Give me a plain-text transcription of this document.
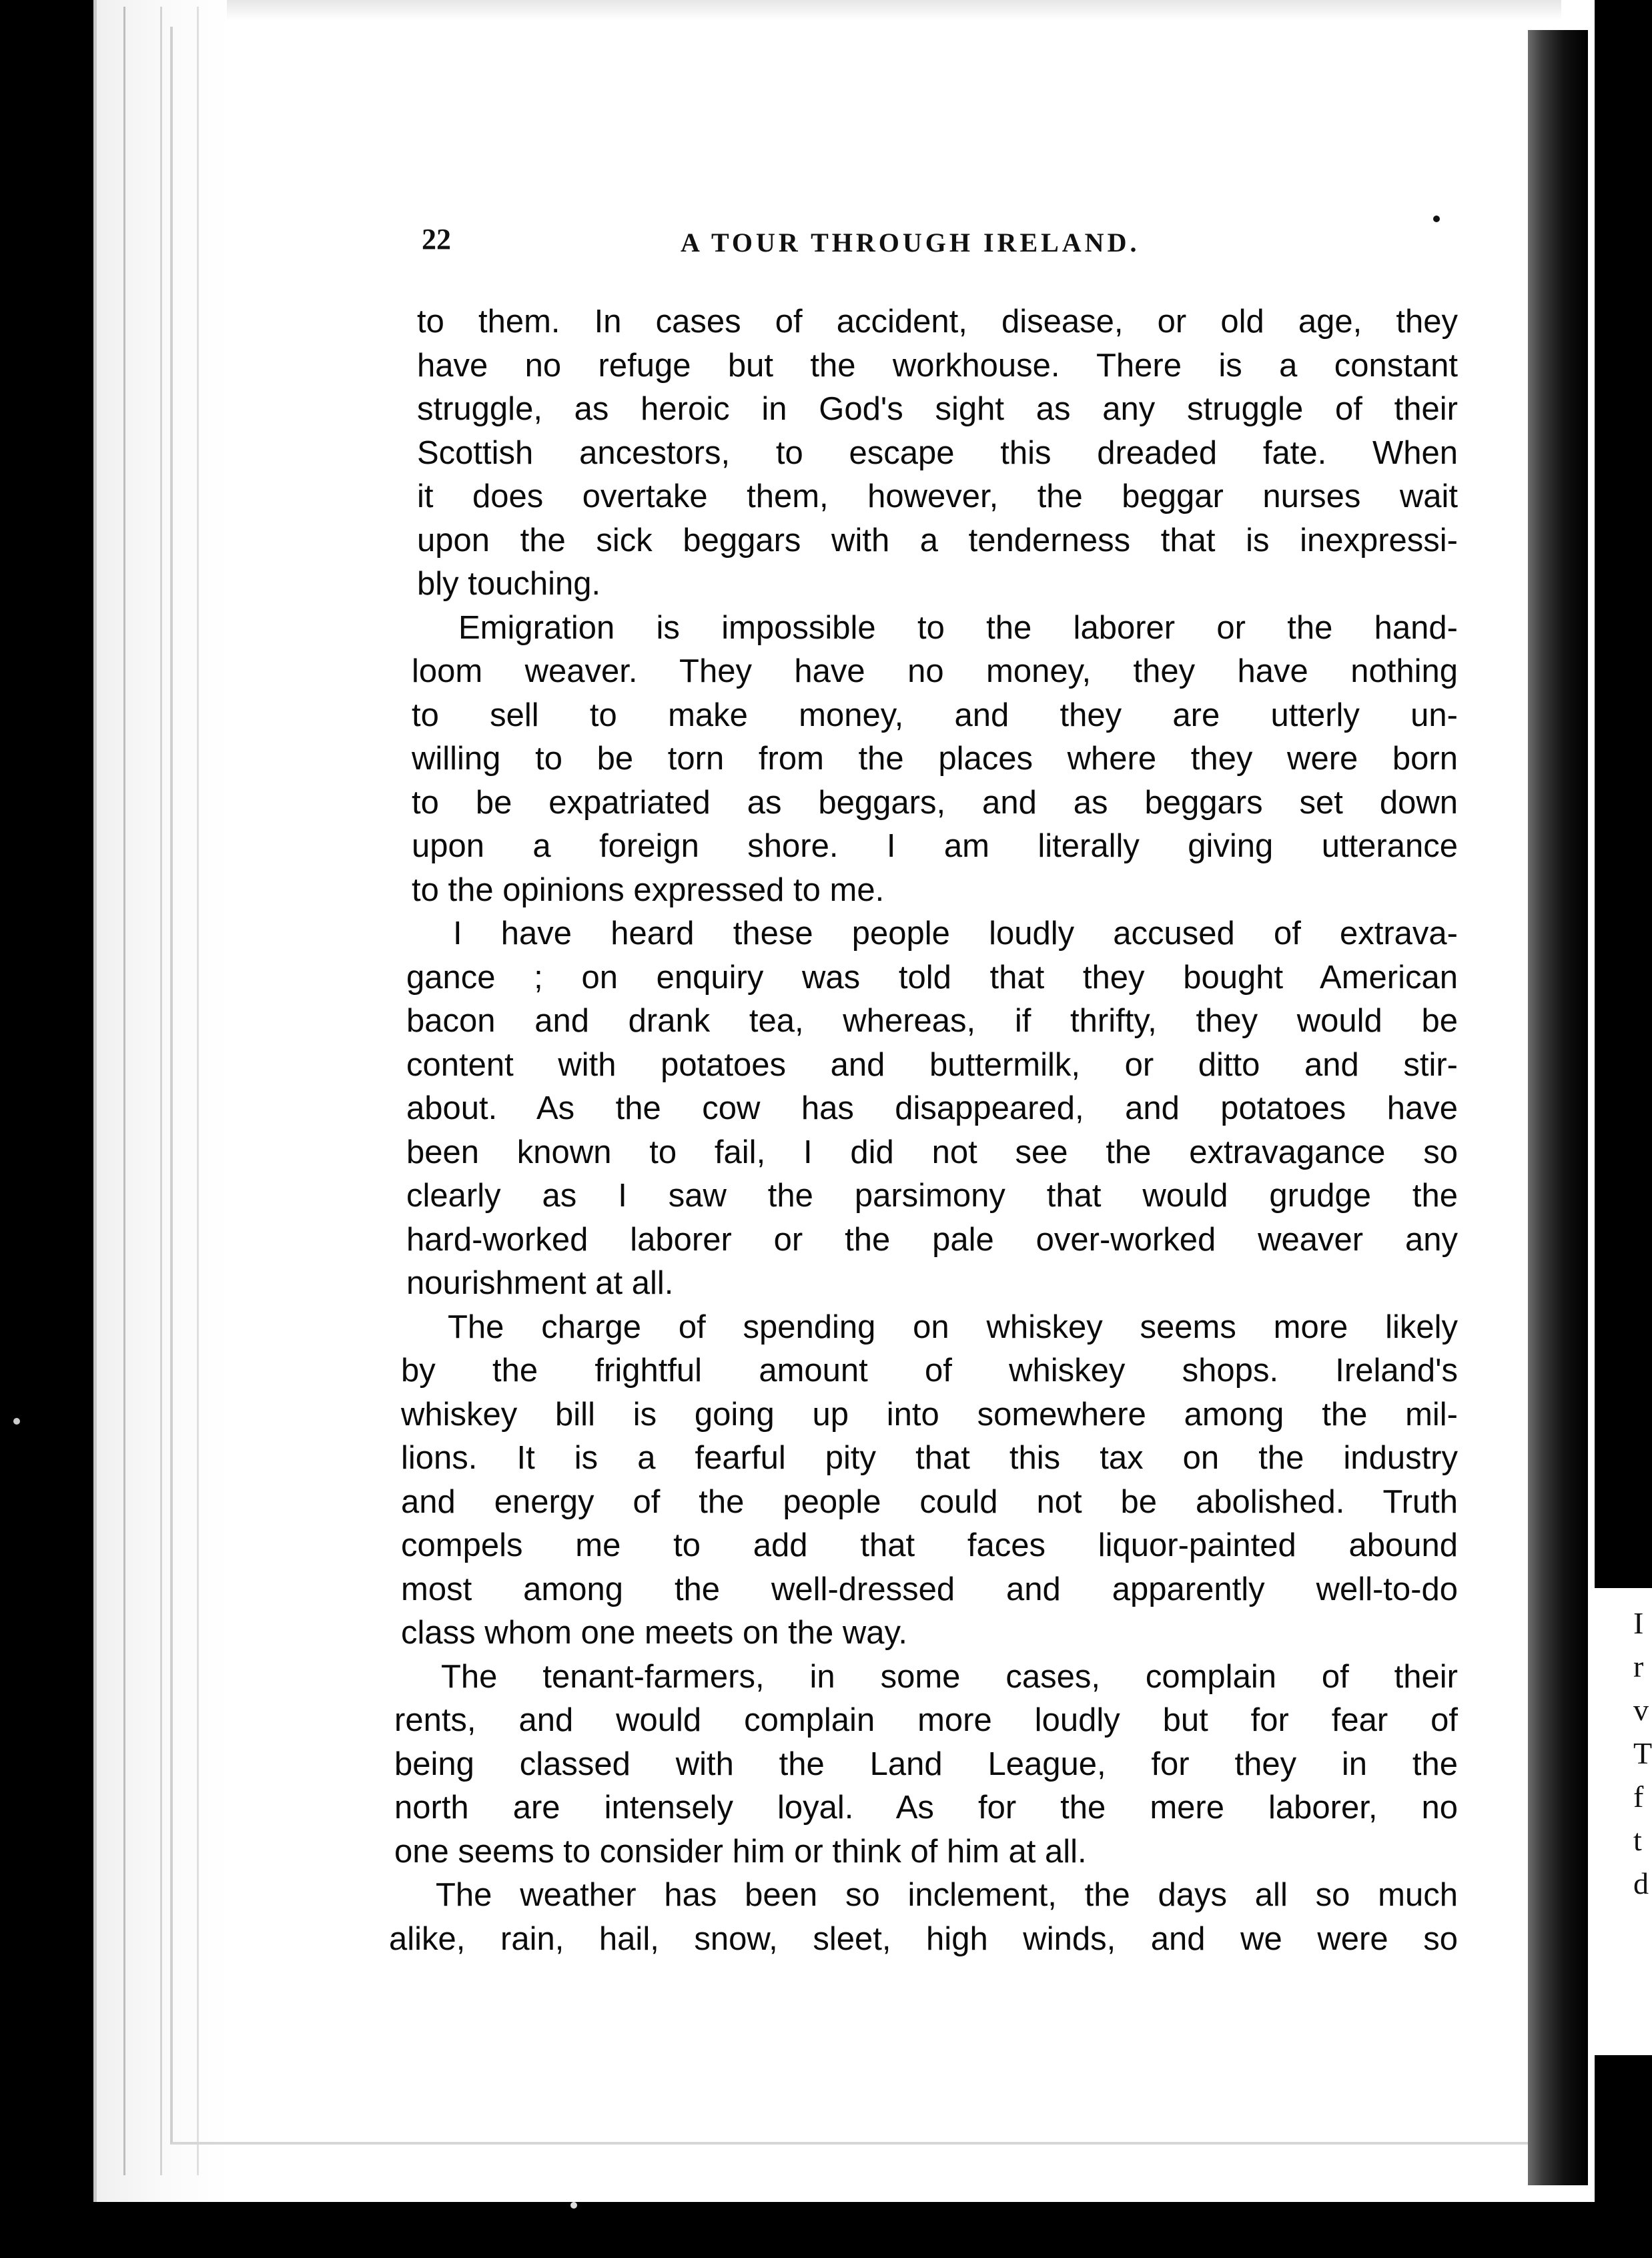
22	A TOUR THROUGH IRELAND.
to them. In cases of accident, disease, or old age, they
have no refuge but the workhouse. There is a constant
struggle, as heroic in God's sight as any struggle of their
Scottish ancestors, to escape this dreaded fate. When
it does overtake them, however, the beggar nurses wait
upon the sick beggars with a tenderness that is inexpressi-
bly touching.
Emigration is impossible to the laborer or the hand-
loom weaver. They have no money, they have nothing
to sell to make money, and they are utterly un-
willing to be torn from the places where they were born
to be expatriated as beggars, and as beggars set down
upon a foreign shore. I am literally giving utterance
to the opinions expressed to me.
I have heard these people loudly accused of extrava-
gance ; on enquiry was told that they bought American
bacon and drank tea, whereas, if thrifty, they would be
content with potatoes and buttermilk, or ditto and stir-
about. As the cow has disappeared, and potatoes have
been known to fail, I did not see the extravagance so
clearly as I saw the parsimony that would grudge the
hard-worked laborer or the pale over-worked weaver any
nourishment at all.
The charge of spending on whiskey seems more likely
by the frightful amount of whiskey shops. Ireland's
whiskey bill is going up into somewhere among the mil-
lions. It is a fearful pity that this tax on the industry
and energy of the people could not be abolished. Truth
compels me to add that faces liquor-painted abound
most among the well-dressed and apparently well-to-do
class whom one meets on the way.
The tenant-farmers, in some cases, complain of their
rents, and would complain more loudly but for fear of
being classed with the Land League, for they in the
north are intensely loyal. As for the mere laborer, no
one seems to consider him or think of him at all.
The weather has been so inclement, the days all so much
alike, rain, hail, snow, sleet, high winds, and we were so
I
r
v
T
f
t
d
